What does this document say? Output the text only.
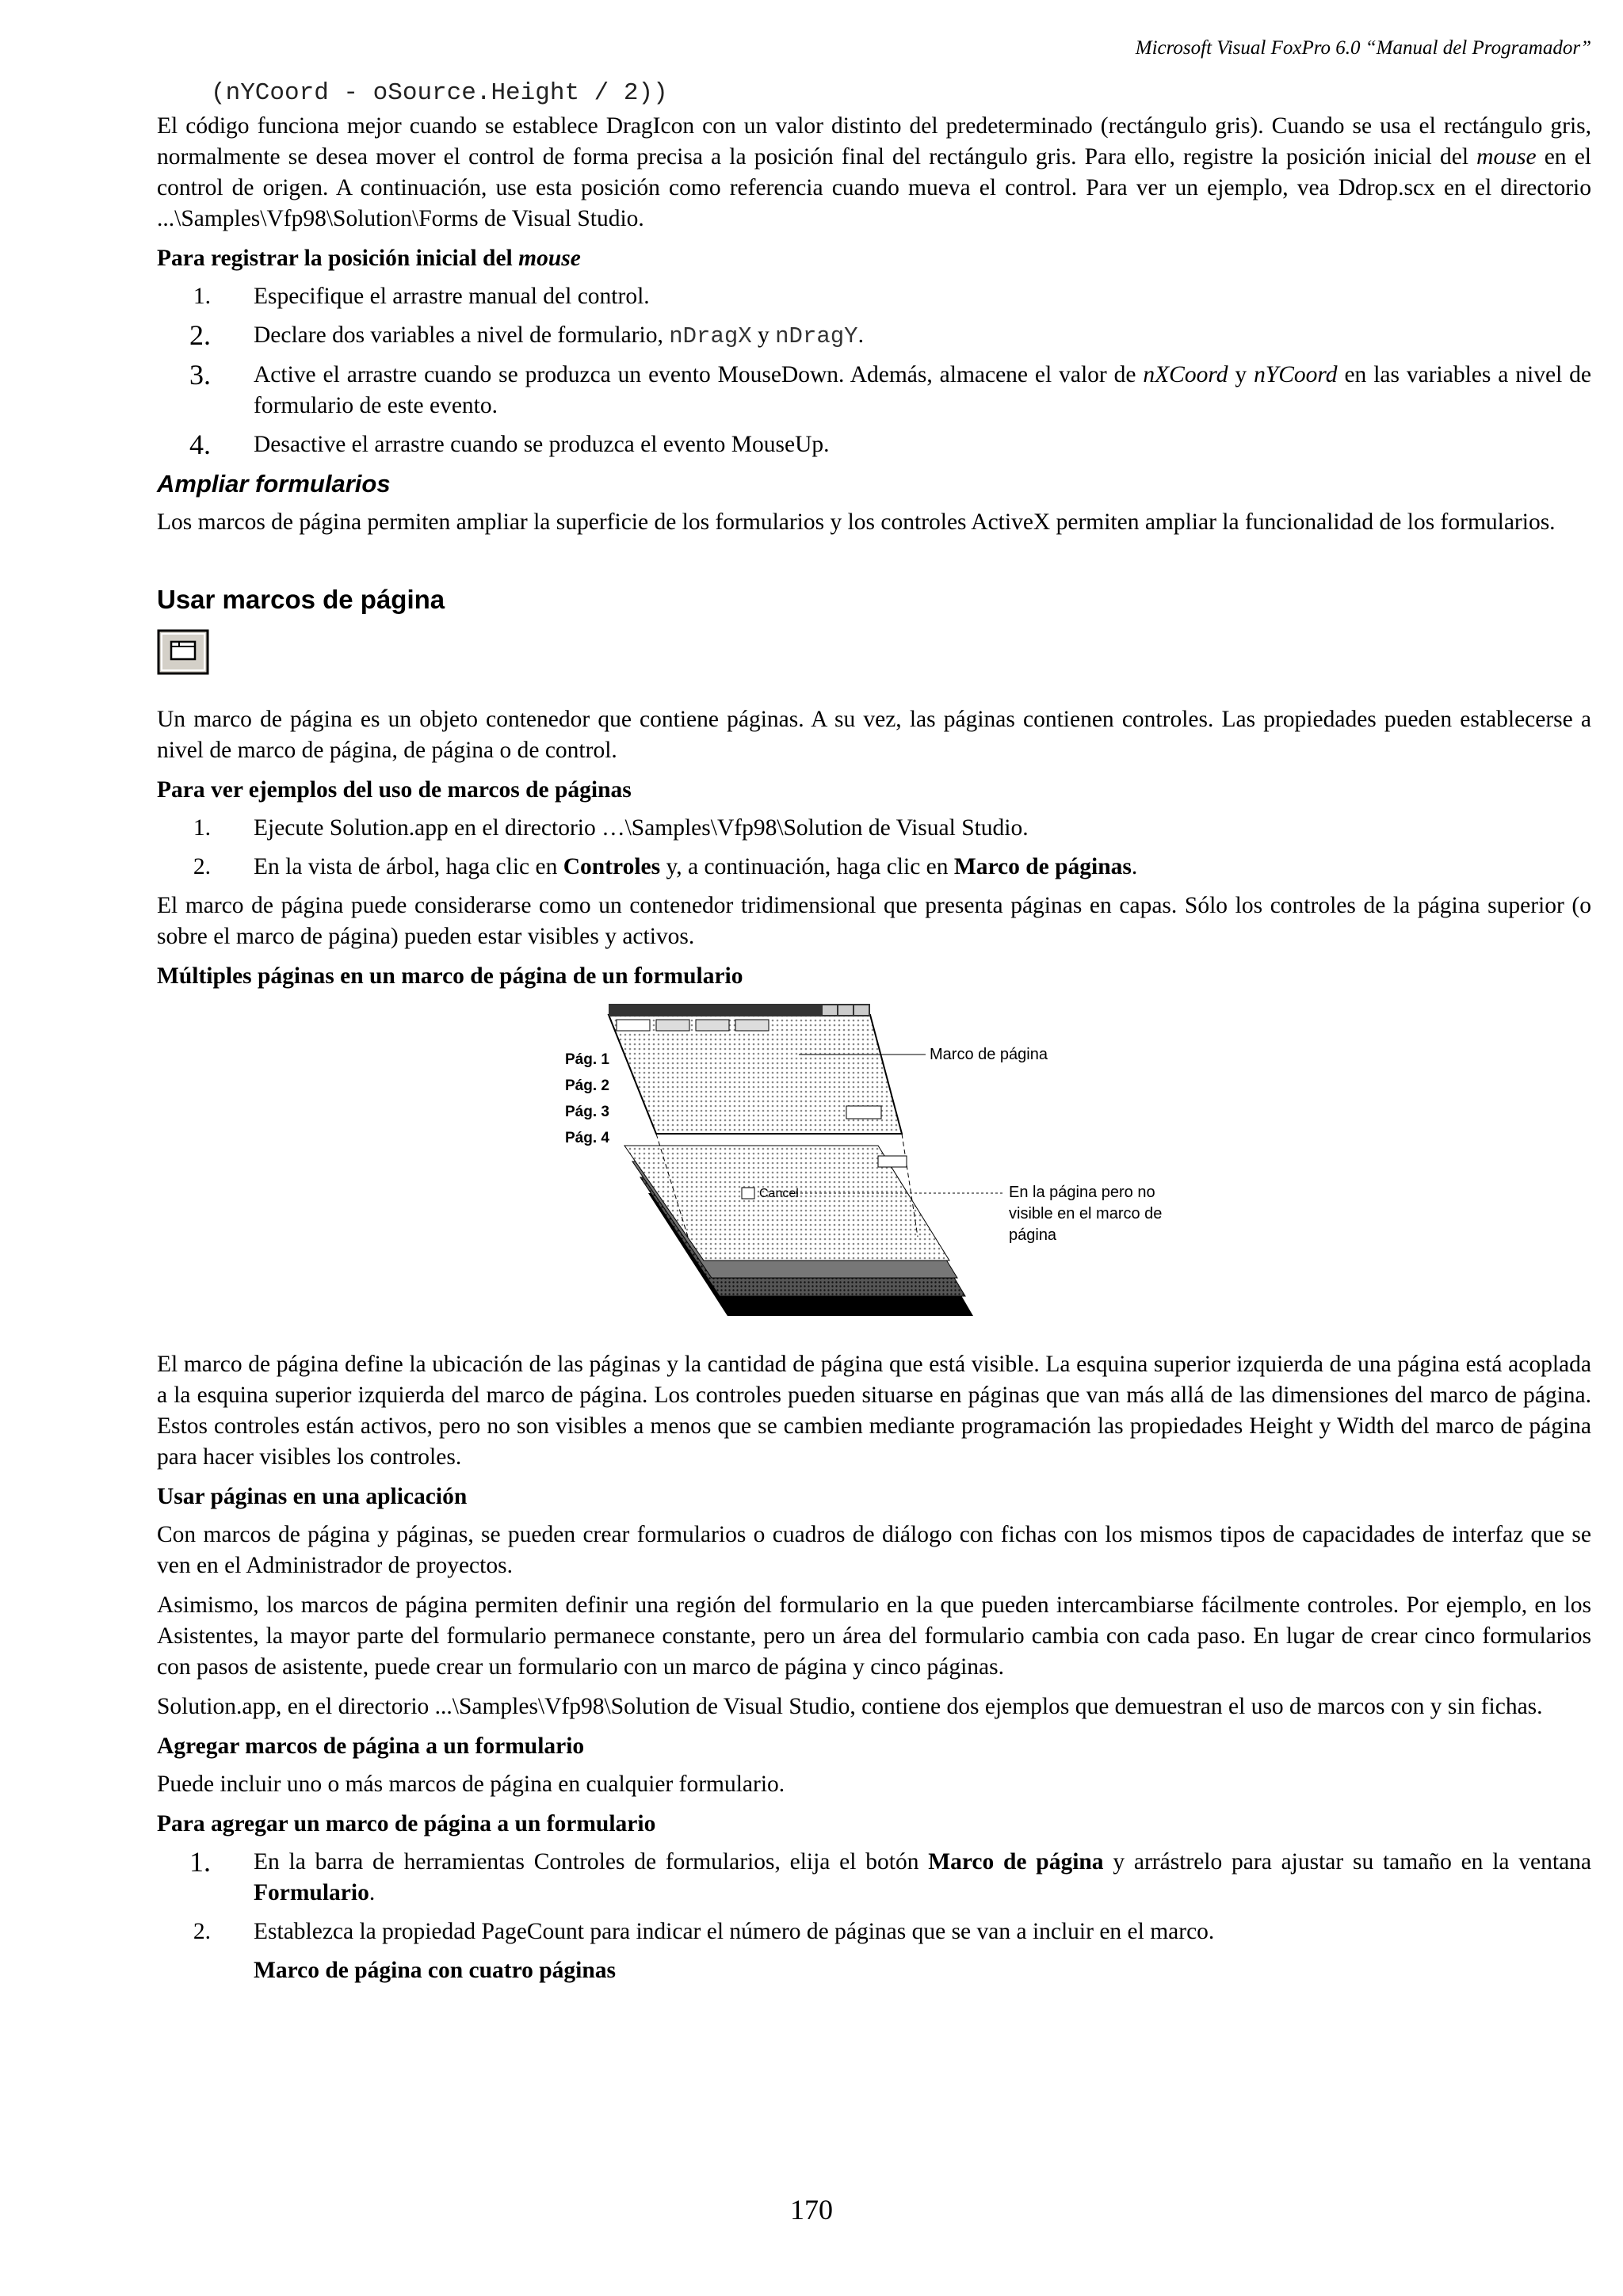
Microsoft Visual FoxPro 6.0 “Manual del Programador”
(nYCoord - oSource.Height / 2))

El código funciona mejor cuando se establece DragIcon con un valor distinto del predeterminado (rectángulo gris). Cuando se usa el rectángulo gris, normalmente se desea mover el control de forma precisa a la posición final del rectángulo gris. Para ello, registre la posición inicial del mouse en el control de origen. A continuación, use esta posición como referencia cuando mueva el control. Para ver un ejemplo, vea Ddrop.scx en el directorio ...\Samples\Vfp98\Solution\Forms de Visual Studio.

Para registrar la posición inicial del mouse
1.	Especifique el arrastre manual del control.
2.	Declare dos variables a nivel de formulario, nDragX y nDragY.
3.	Active el arrastre cuando se produzca un evento MouseDown. Además, almacene el valor de nXCoord y nYCoord en las variables a nivel de formulario de este evento.
4.	Desactive el arrastre cuando se produzca el evento MouseUp.
Ampliar formularios

Los marcos de página permiten ampliar la superficie de los formularios y los controles ActiveX permiten ampliar la funcionalidad de los formularios.

Usar marcos de página

Un marco de página es un objeto contenedor que contiene páginas. A su vez, las páginas contienen controles. Las propiedades pueden establecerse a nivel de marco de página, de página o de control.

Para ver ejemplos del uso de marcos de páginas
1.	Ejecute Solution.app en el directorio …\Samples\Vfp98\Solution de Visual Studio.
2.	En la vista de árbol, haga clic en Controles y, a continuación, haga clic en Marco de páginas.

El marco de página puede considerarse como un contenedor tridimensional que presenta páginas en capas. Sólo los controles de la página superior (o sobre el marco de página) pueden estar visibles y activos.

Múltiples páginas en un marco de página de un formulario
Cancel
Pág. 1
Pág. 2
Pág. 3
Pág. 4
Marco de página
En la página pero no
visible en el marco de
página

El marco de página define la ubicación de las páginas y la cantidad de página que está visible. La esquina superior izquierda de una página está acoplada a la esquina superior izquierda del marco de página. Los controles pueden situarse en páginas que van más allá de las dimensiones del marco de página. Estos controles están activos, pero no son visibles a menos que se cambien mediante programación las propiedades Height y Width del marco de página para hacer visibles los controles.

Usar páginas en una aplicación

Con marcos de página y páginas, se pueden crear formularios o cuadros de diálogo con fichas con los mismos tipos de capacidades de interfaz que se ven en el Administrador de proyectos.

Asimismo, los marcos de página permiten definir una región del formulario en la que pueden intercambiarse fácilmente controles. Por ejemplo, en los Asistentes, la mayor parte del formulario permanece constante, pero un área del formulario cambia con cada paso. En lugar de crear cinco formularios con pasos de asistente, puede crear un formulario con un marco de página y cinco páginas.

Solution.app, en el directorio ...\Samples\Vfp98\Solution de Visual Studio, contiene dos ejemplos que demuestran el uso de marcos con y sin fichas.

Agregar marcos de página a un formulario

Puede incluir uno o más marcos de página en cualquier formulario.

Para agregar un marco de página a un formulario
1.	En la barra de herramientas Controles de formularios, elija el botón Marco de página y arrástrelo para ajustar su tamaño en la ventana Formulario.
2.	Establezca la propiedad PageCount para indicar el número de páginas que se van a incluir en el marco.
Marco de página con cuatro páginas
170
